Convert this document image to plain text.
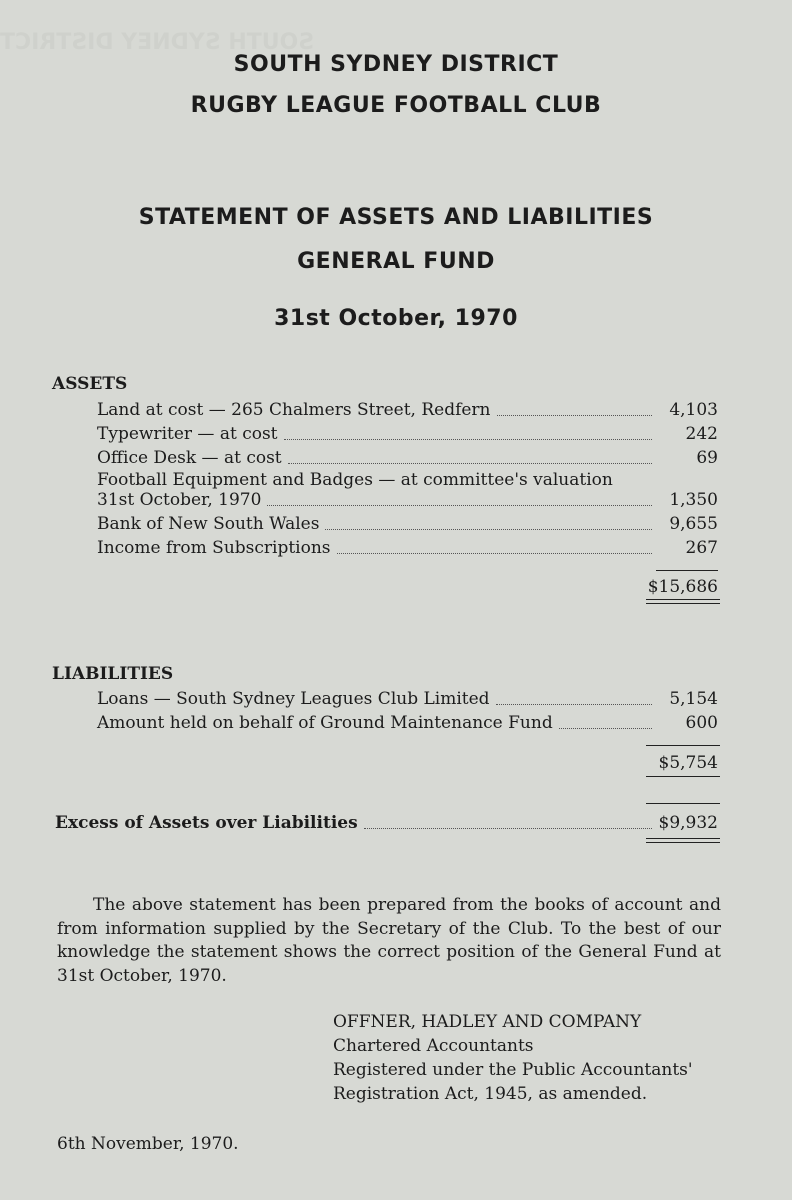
SOUTH SYDNEY DISTRICT
SOUTH SYDNEY DISTRICT
RUGBY LEAGUE FOOTBALL CLUB
STATEMENT OF ASSETS AND LIABILITIES
GENERAL FUND
31st October, 1970
ASSETS
Land at cost — 265 Chalmers Street, Redfern	4,103
Typewriter — at cost	242
Office Desk — at cost	69
Football Equipment and Badges — at committee's valuation
31st October, 1970	1,350
Bank of New South Wales	9,655
Income from Subscriptions	267
$15,686
LIABILITIES
Loans — South Sydney Leagues Club Limited	5,154
Amount held on behalf of Ground Maintenance Fund	600
$5,754
Excess of Assets over Liabilities	$9,932
The above statement has been prepared from the books of account and from information supplied by the Secretary of the Club. To the best of our knowledge the statement shows the correct position of the General Fund at 31st October, 1970.
OFFNER, HADLEY AND COMPANY
Chartered Accountants
Registered under the Public Accountants'
Registration Act, 1945, as amended.
6th November, 1970.
